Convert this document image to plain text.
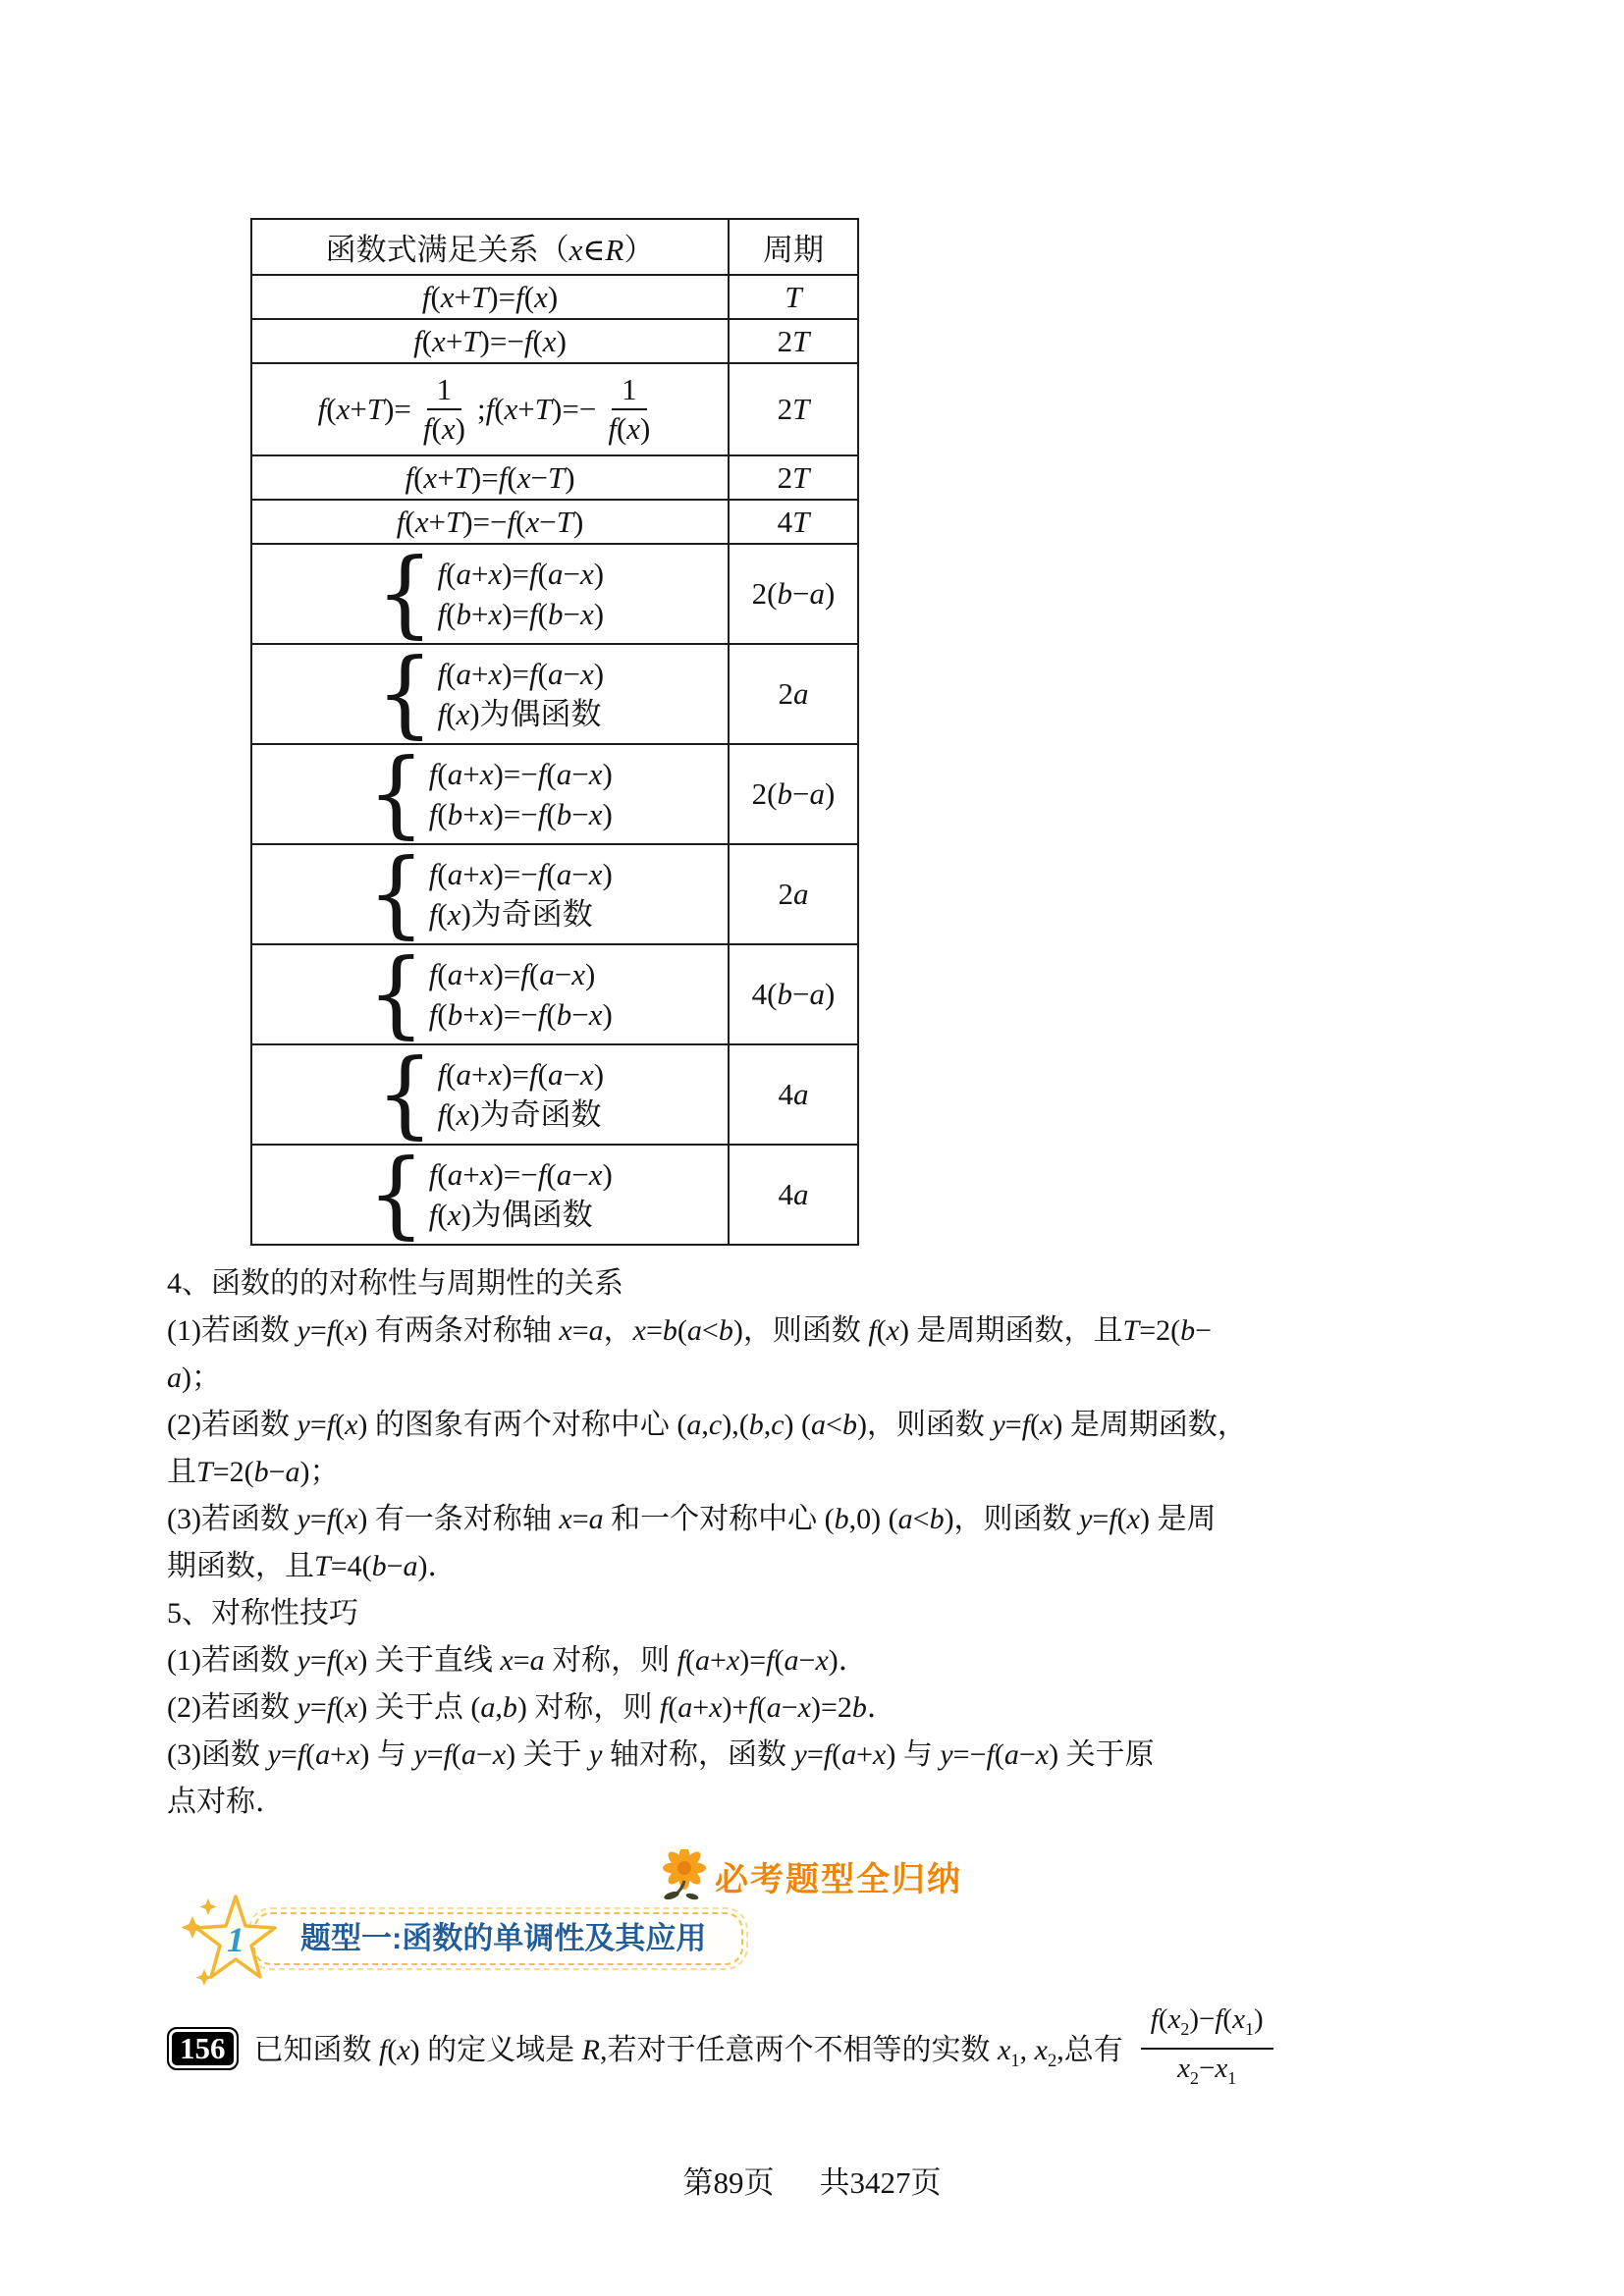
函数式满足关系（x∈R）	周期
f(x+T)=f(x)	T
f(x+T)=−f(x)	2T

$f(x+T)= \frac{1}{f(x)}$ ;f(x+T)=− $\frac{1}{f(x)}$	2T
f(x+T)=f(x−T)	2T
f(x+T)=−f(x−T)	4T

{ f(a+x)=f(a−x)
f(b+x)=f(b−x)	2(b−a)

{ f(a+x)=f(a−x)
f(x)为偶函数	2a

{ f(a+x)=−f(a−x)
f(b+x)=−f(b−x)	2(b−a)

{ f(a+x)=−f(a−x)
f(x)为奇函数	2a

{ f(a+x)=f(a−x)
f(b+x)=−f(b−x)	4(b−a)

{ f(a+x)=f(a−x)
f(x)为奇函数	4a

{ f(a+x)=−f(a−x)
f(x)为偶函数	4a
4、函数的的对称性与周期性的关系
(1)若函数 y=f(x) 有两条对称轴 x=a，x=b(a<b)，则函数 f(x) 是周期函数，且T=2(b−
a)；
(2)若函数 y=f(x) 的图象有两个对称中心 (a,c),(b,c) (a<b)，则函数 y=f(x) 是周期函数，
且T=2(b−a)；
(3)若函数 y=f(x) 有一条对称轴 x=a 和一个对称中心 (b,0) (a<b)，则函数 y=f(x) 是周
期函数，且T=4(b−a)．
5、对称性技巧
(1)若函数 y=f(x) 关于直线 x=a 对称，则 f(a+x)=f(a−x)．
(2)若函数 y=f(x) 关于点 (a,b) 对称，则 f(a+x)+f(a−x)=2b．
(3)函数 y=f(a+x) 与 y=f(a−x) 关于 y 轴对称，函数 y=f(a+x) 与 y=−f(a−x) 关于原
点对称．
必考题型全归纳
题型一:函数的单调性及其应用
1
156 已知函数 f(x) 的定义域是 R,若对于任意两个不相等的实数 $x_1$, $x_2$,总有 $\frac{f(x_2)-f(x_1)}{x_2-x_1}$
第89页 共3427页
